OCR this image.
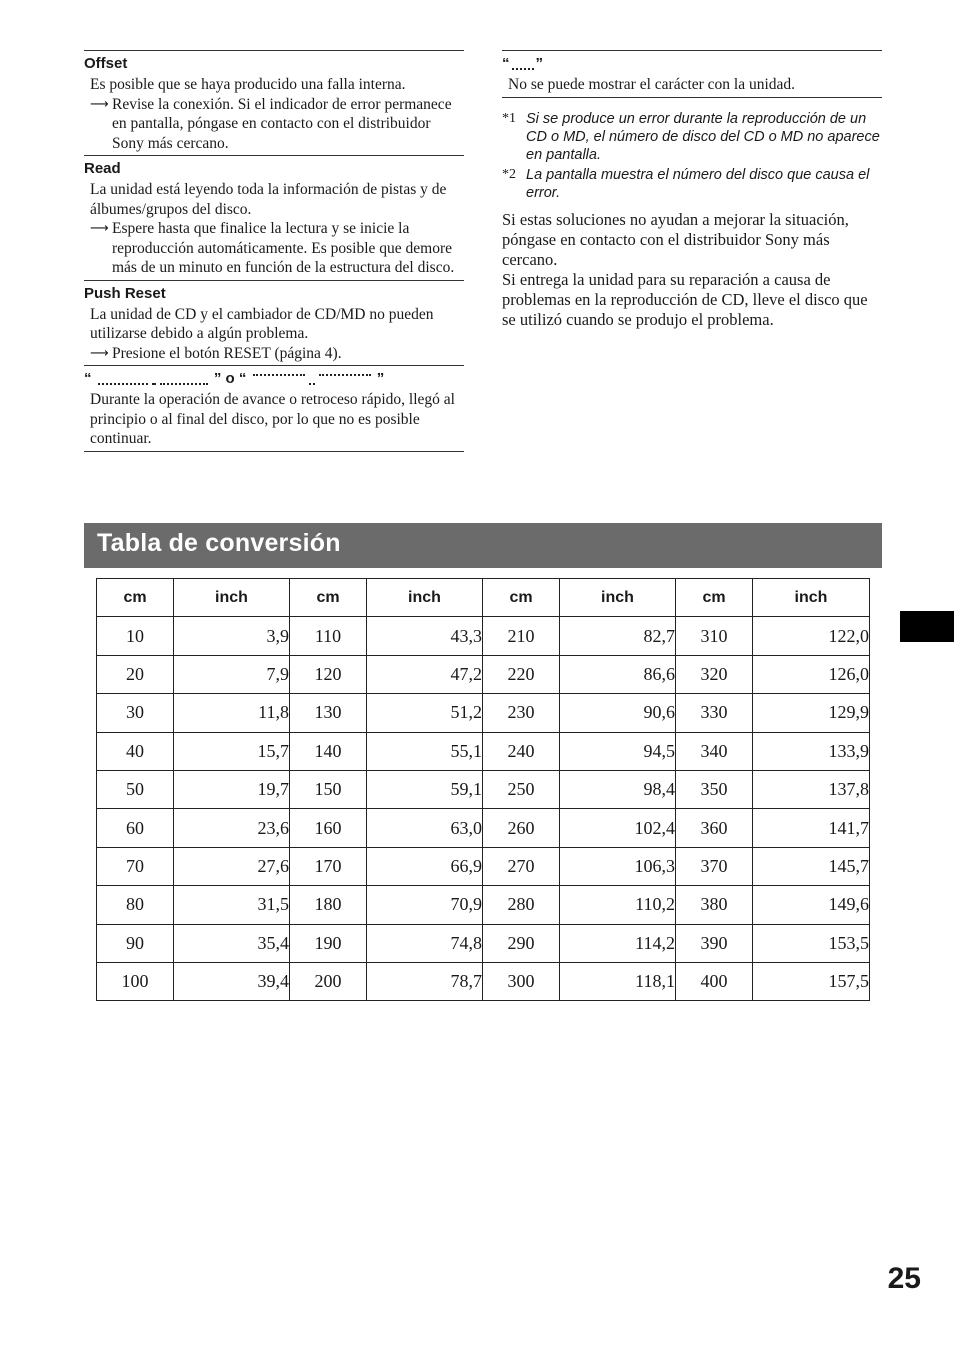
Offset
Es posible que se haya producido una falla interna.
⟶ Revise la conexión. Si el indicador de error permanece en pantalla, póngase en contacto con el distribuidor Sony más cercano.
Read
La unidad está leyendo toda la información de pistas y de álbumes/grupos del disco.
⟶ Espere hasta que finalice la lectura y se inicie la reproducción automáticamente. Es posible que demore más de un minuto en función de la estructura del disco.
Push Reset
La unidad de CD y el cambiador de CD/MD no pueden utilizarse debido a algún problema.
⟶ Presione el botón RESET (página 4).
“	” o “	”
Durante la operación de avance o retroceso rápido, llegó al principio o al final del disco, por lo que no es posible continuar.
“ ”
No se puede mostrar el carácter con la unidad.
*1 Si se produce un error durante la reproducción de un CD o MD, el número de disco del CD o MD no aparece en pantalla.
*2 La pantalla muestra el número del disco que causa el error.

Si estas soluciones no ayudan a mejorar la situación, póngase en contacto con el distribuidor Sony más cercano.

Si entrega la unidad para su reparación a causa de problemas en la reproducción de CD, lleve el disco que se utilizó cuando se produjo el problema.

Tabla de conversión
cm	inch	cm	inch	cm	inch	cm	inch
10	3,9	110	43,3	210	82,7	310	122,0
20	7,9	120	47,2	220	86,6	320	126,0
30	11,8	130	51,2	230	90,6	330	129,9
40	15,7	140	55,1	240	94,5	340	133,9
50	19,7	150	59,1	250	98,4	350	137,8
60	23,6	160	63,0	260	102,4	360	141,7
70	27,6	170	66,9	270	106,3	370	145,7
80	31,5	180	70,9	280	110,2	380	149,6
90	35,4	190	74,8	290	114,2	390	153,5
100	39,4	200	78,7	300	118,1	400	157,5
25
